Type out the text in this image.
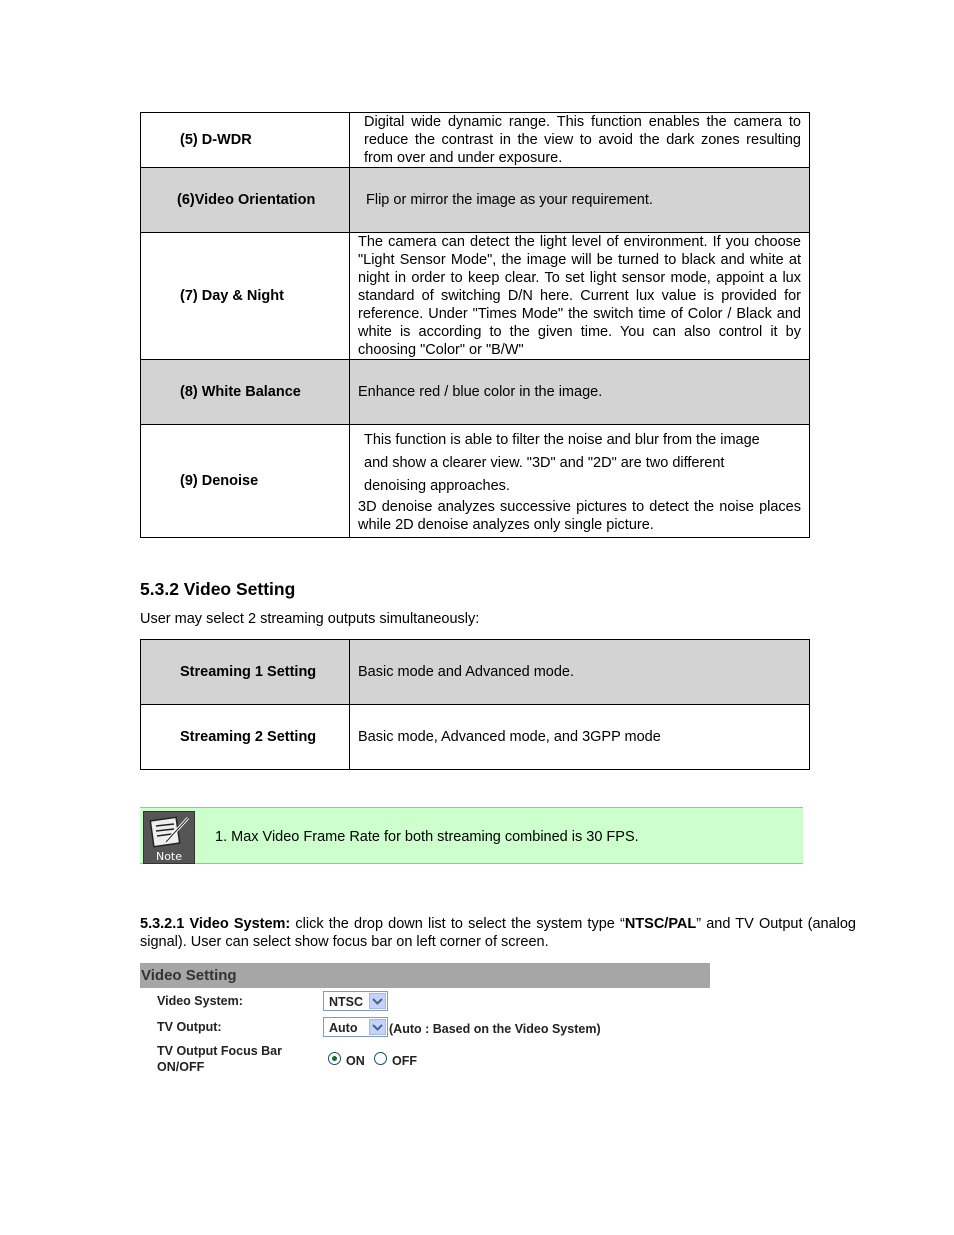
(5) D-WDR	Digital wide dynamic range. This function enables the camera to reduce the contrast in the view to avoid the dark zones resulting from over and under exposure.
(6)Video Orientation	Flip or mirror the image as your requirement.
(7) Day & Night	The camera can detect the light level of environment. If you choose "Light Sensor Mode", the image will be turned to black and white at night in order to keep clear. To set light sensor mode, appoint a lux standard of switching D/N here. Current lux value is provided for reference. Under "Times Mode" the switch time of Color / Black and white is according to the given time. You can also control it by choosing "Color" or "B/W"
(8) White Balance	Enhance red / blue color in the image.
(9) Denoise	This function is able to filter the noise and blur from the image
and show a clearer view. "3D" and "2D" are two different
denoising approaches.
3D denoise analyzes successive pictures to detect the noise places while 2D denoise analyzes only single picture.
5.3.2 Video Setting
User may select 2 streaming outputs simultaneously:
Streaming 1 Setting	Basic mode and Advanced mode.
Streaming 2 Setting	Basic mode, Advanced mode, and 3GPP mode
Note
1. Max Video Frame Rate for both streaming combined is 30 FPS.
5.3.2.1 Video System: click the drop down list to select the system type “NTSC/PAL” and TV Output (analog signal). User can select show focus bar on left corner of screen.
Video Setting
Video System:	NTSC
TV Output:	Auto	(Auto : Based on the Video System)
TV Output Focus Bar
ON/OFF	ON OFF
